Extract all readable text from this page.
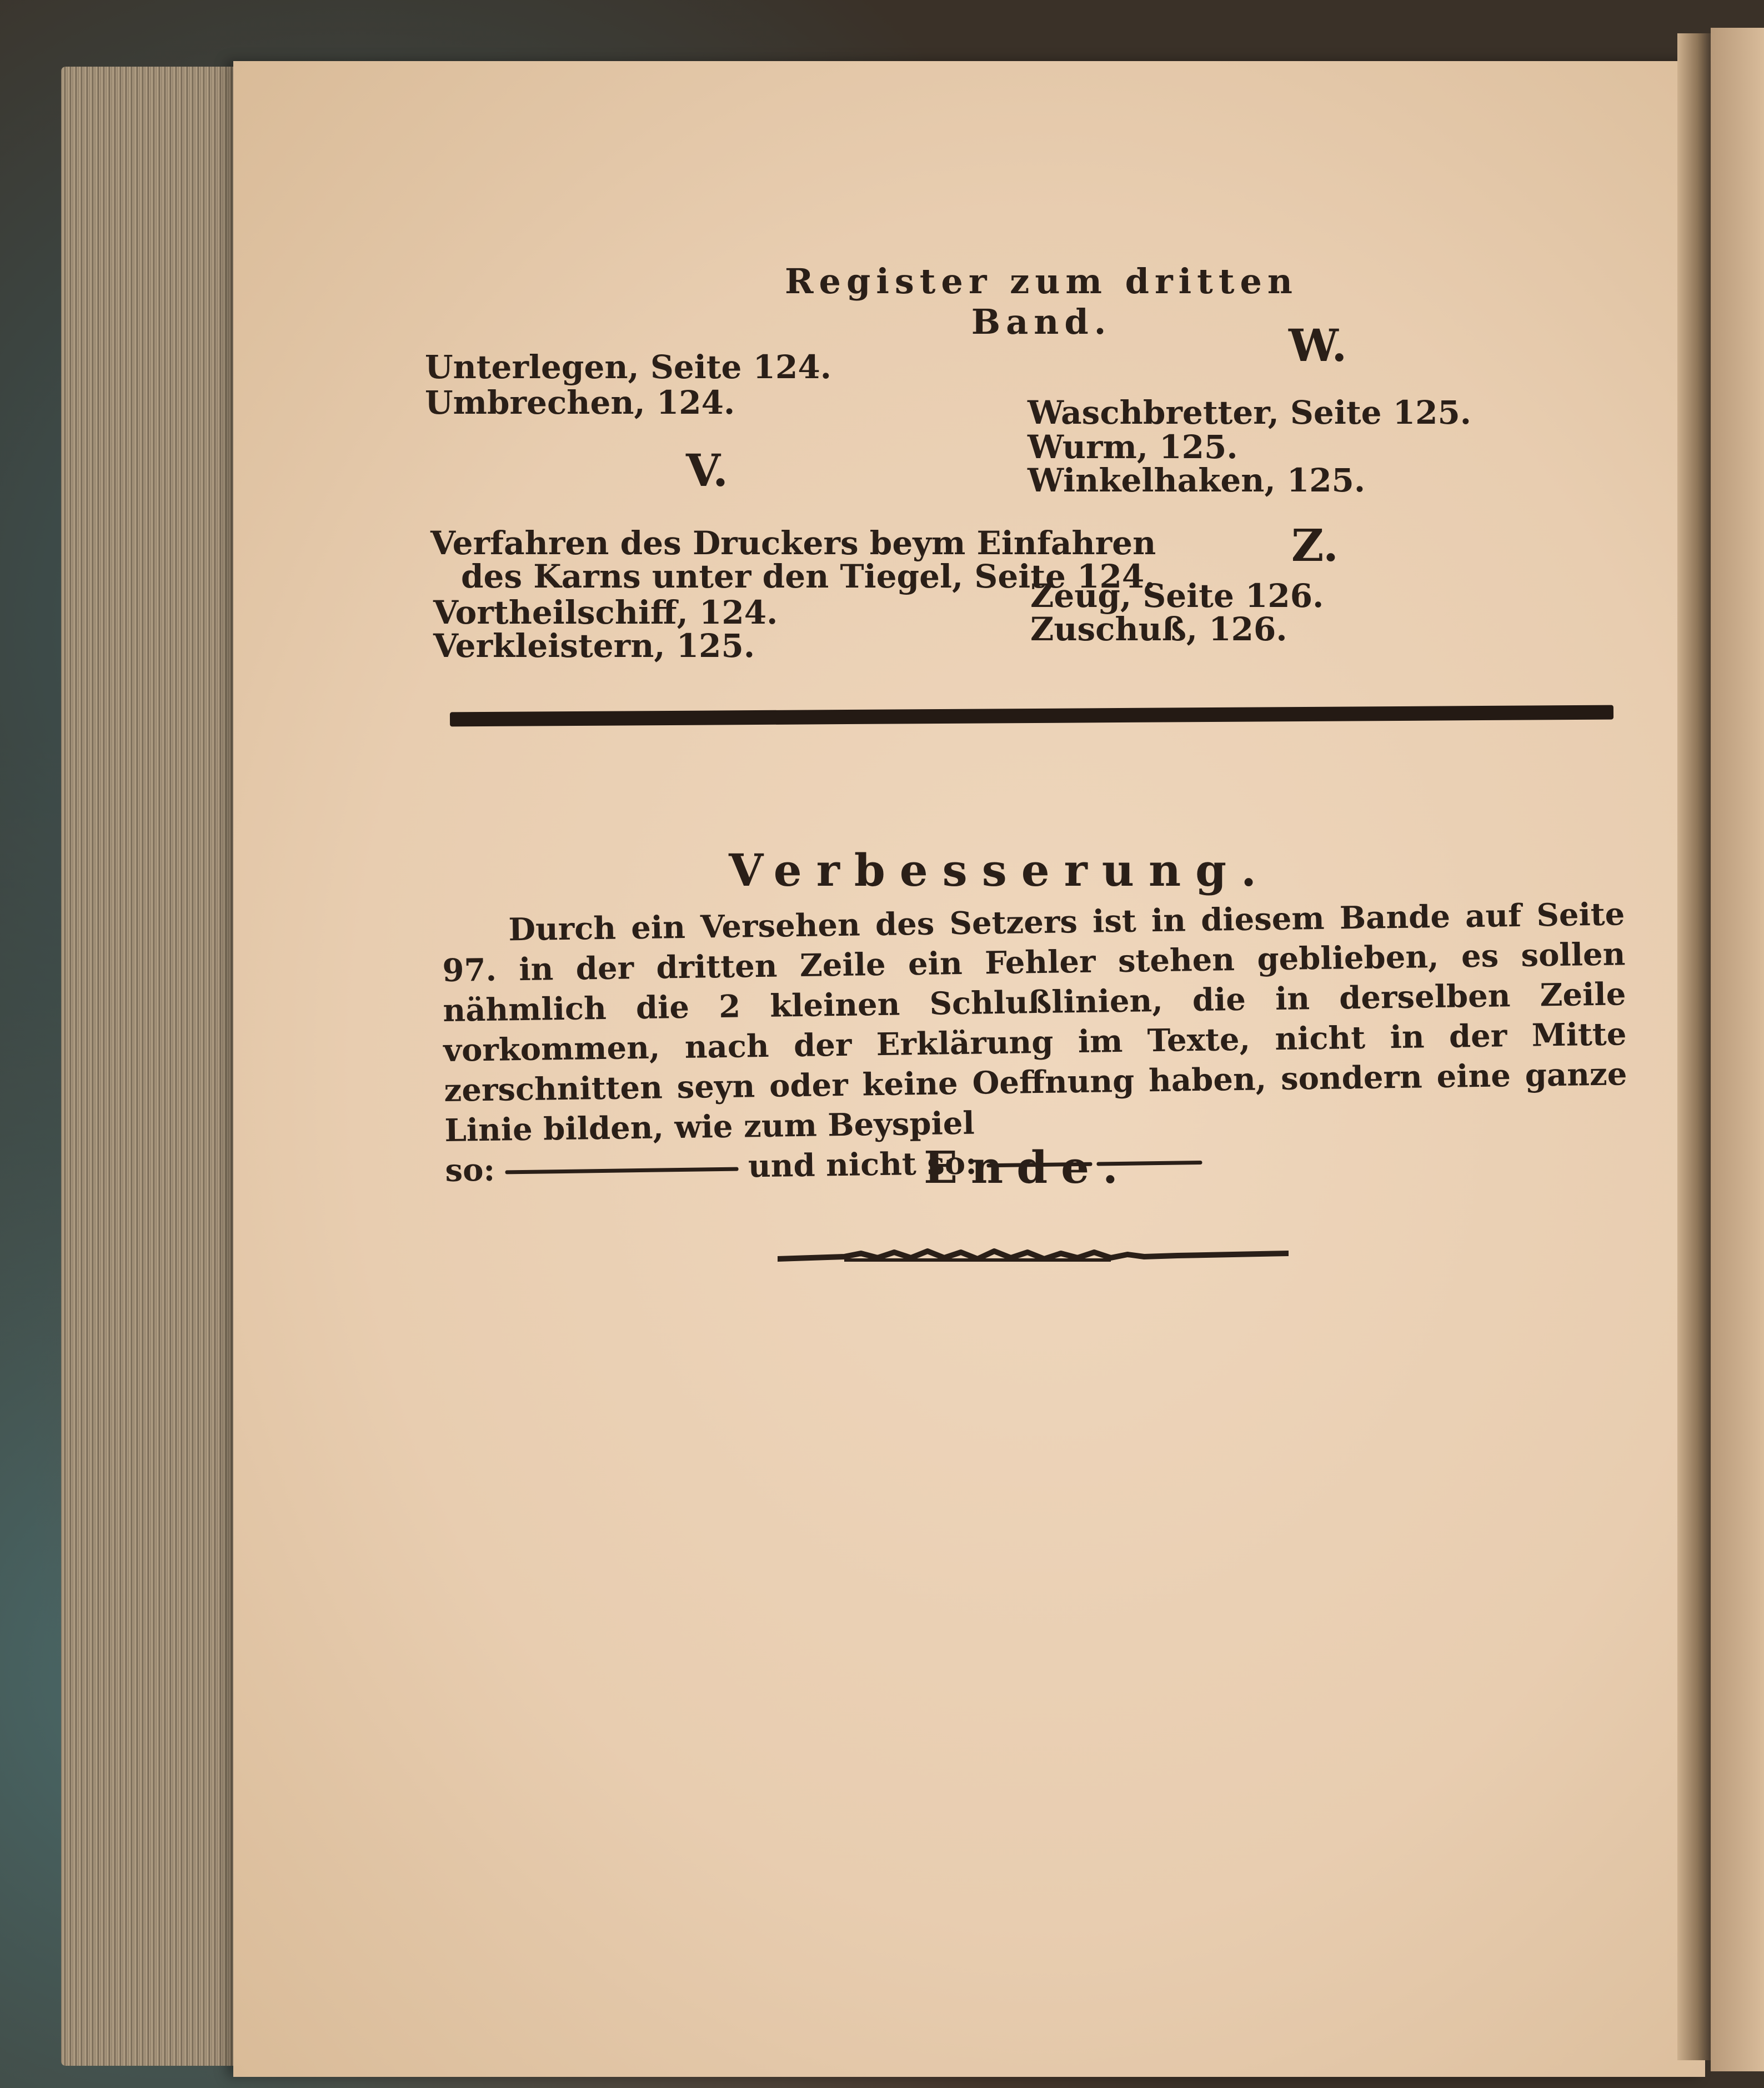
Register zum dritten Band.
Unterlegen, Seite 124.
Umbrechen, 124.
V.
Verfahren des Druckers beym Einfahren
des Karns unter den Tiegel, Seite 124.
Vortheilschiff, 124.
Verkleistern, 125.
W.
Waschbretter, Seite 125.
Wurm, 125.
Winkelhaken, 125.
Z.
Zeug, Seite 126.
Zuschuß, 126.
Verbesserung.
Durch ein Versehen des Setzers ist in diesem Bande auf Seite 97. in der dritten Zeile ein Fehler stehen geblieben, es sollen nähmlich die 2 kleinen Schlußlinien, die in derselben Zeile vorkommen, nach der Erklärung im Texte, nicht in der Mitte zerschnitten seyn oder keine Oeffnung haben, sondern eine ganze Linie bilden, wie zum Beyspiel
so:	und nicht so:
Ende.
